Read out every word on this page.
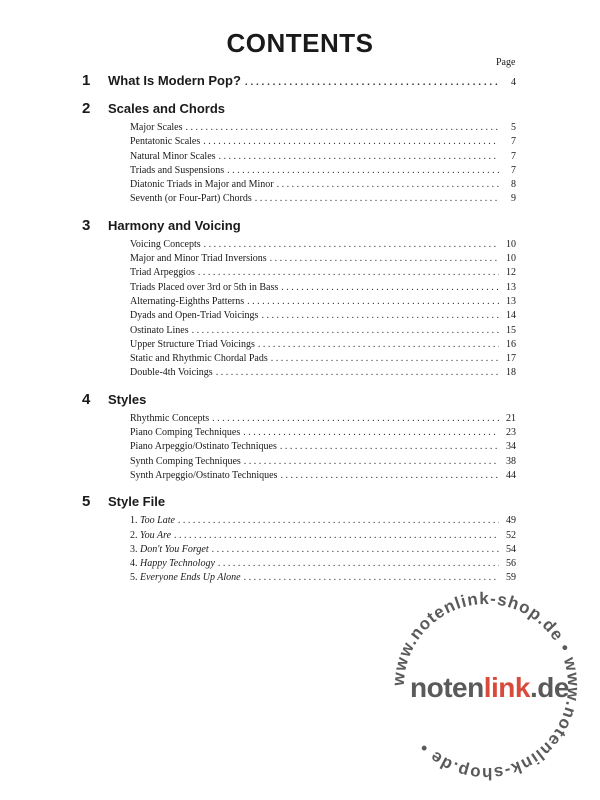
CONTENTS
Page
1	What Is Modern Pop? . . .	4
2	Scales and Chords
Major Scales . . .	5
Pentatonic Scales . . .	7
Natural Minor Scales . . .	7
Triads and Suspensions . . .	7
Diatonic Triads in Major and Minor . . .	8
Seventh (or Four-Part) Chords . . .	9
3	Harmony and Voicing
Voicing Concepts . . .	10
Major and Minor Triad Inversions . . .	10
Triad Arpeggios . . .	12
Triads Placed over 3rd or 5th in Bass . . .	13
Alternating-Eighths Patterns . . .	13
Dyads and Open-Triad Voicings . . .	14
Ostinato Lines . . .	15
Upper Structure Triad Voicings . . .	16
Static and Rhythmic Chordal Pads . . .	17
Double-4th Voicings . . .	18
4	Styles
Rhythmic Concepts . . .	21
Piano Comping Techniques . . .	23
Piano Arpeggio/Ostinato Techniques . . .	34
Synth Comping Techniques . . .	38
Synth Arpeggio/Ostinato Techniques . . .	44
5	Style File
1. Too Late . . .	49
2. You Are . . .	52
3. Don't You Forget . . .	54
4. Happy Technology . . .	56
5. Everyone Ends Up Alone . . .	59
www.notenlink-shop.de • www.notenlink-shop.de •
notenlink.de
